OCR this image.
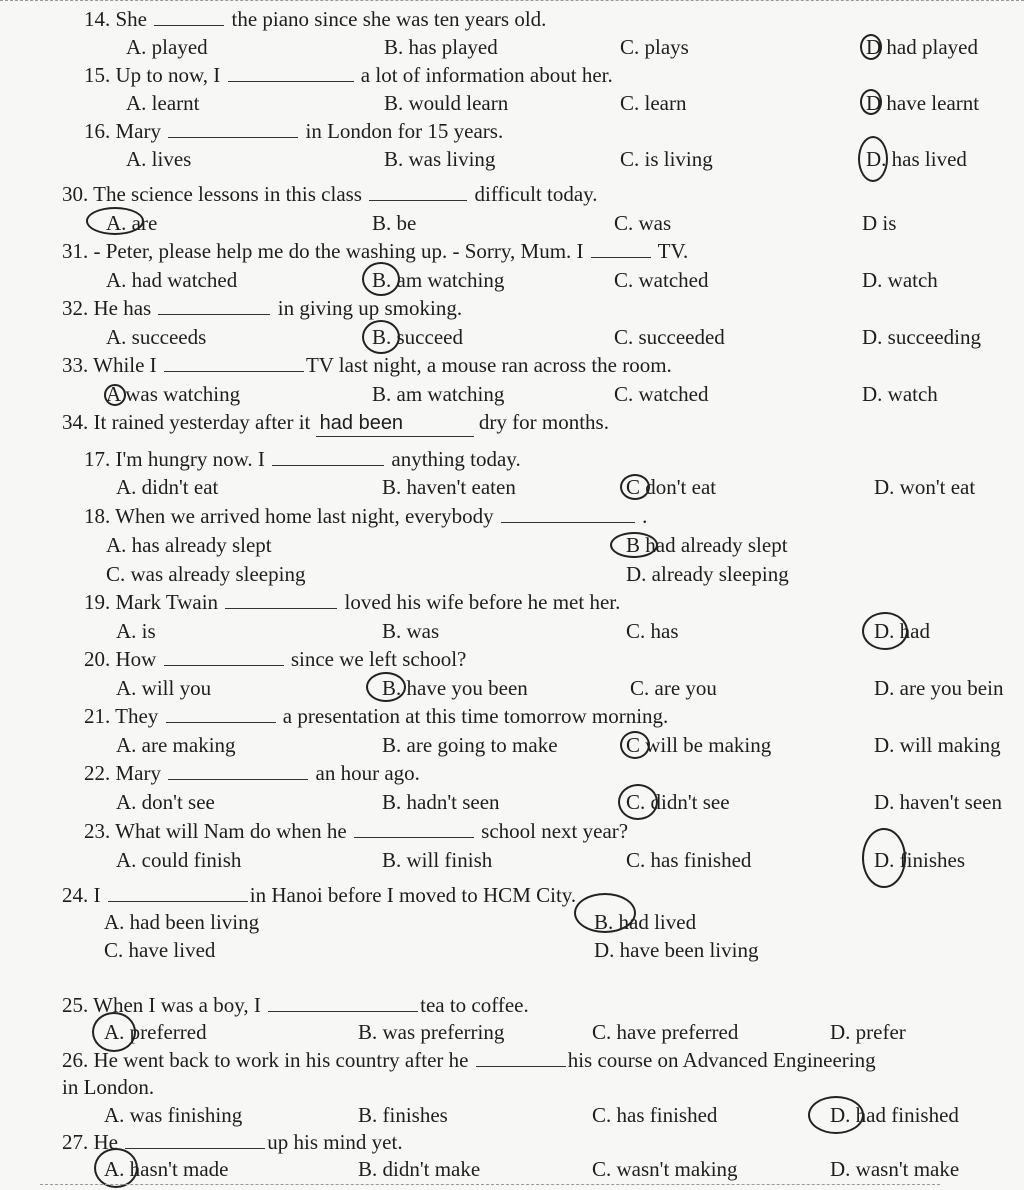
14. She	the piano since she was ten years old.
A. played	B. has played	C. plays	D had played
15. Up to now, I	a lot of information about her.
A. learnt	B. would learn	C. learn	D have learnt
16. Mary	in London for 15 years.
A. lives	B. was living	C. is living	D. has lived
30. The science lessons in this class	difficult today.
A. are	B. be	C. was	D is
31. - Peter, please help me do the washing up. - Sorry, Mum. I	TV.
A. had watched	B. am watching	C. watched	D. watch
32. He has	in giving up smoking.
A. succeeds	B. succeed	C. succeeded	D. succeeding
33. While I	TV last night, a mouse ran across the room.
A was watching	B. am watching	C. watched	D. watch
34. It rained yesterday after it had been	dry for months.
17. I'm hungry now. I	anything today.
A. didn't eat	B. haven't eaten	C don't eat	D. won't eat
18. When we arrived home last night, everybody	.
A. has already slept	B had already slept
C. was already sleeping	D. already sleeping
19. Mark Twain	loved his wife before he met her.
A. is	B. was	C. has	D. had
20. How	since we left school?
A. will you	B. have you been	C. are you	D. are you bein
21. They	a presentation at this time tomorrow morning.
A. are making	B. are going to make	C will be making	D. will making
22. Mary	an hour ago.
A. don't see	B. hadn't seen	C. didn't see	D. haven't seen
23. What will Nam do when he	school next year?
A. could finish	B. will finish	C. has finished	D. finishes
24. I	in Hanoi before I moved to HCM City.
A. had been living	B. had lived
C. have lived	D. have been living
25. When I was a boy, I	tea to coffee.
A. preferred	B. was preferring	C. have preferred	D. prefer
26. He went back to work in his country after he	his course on Advanced Engineering
in London.
A. was finishing	B. finishes	C. has finished	D. had finished
27. He	up his mind yet.
A. hasn't made	B. didn't make	C. wasn't making	D. wasn't make
